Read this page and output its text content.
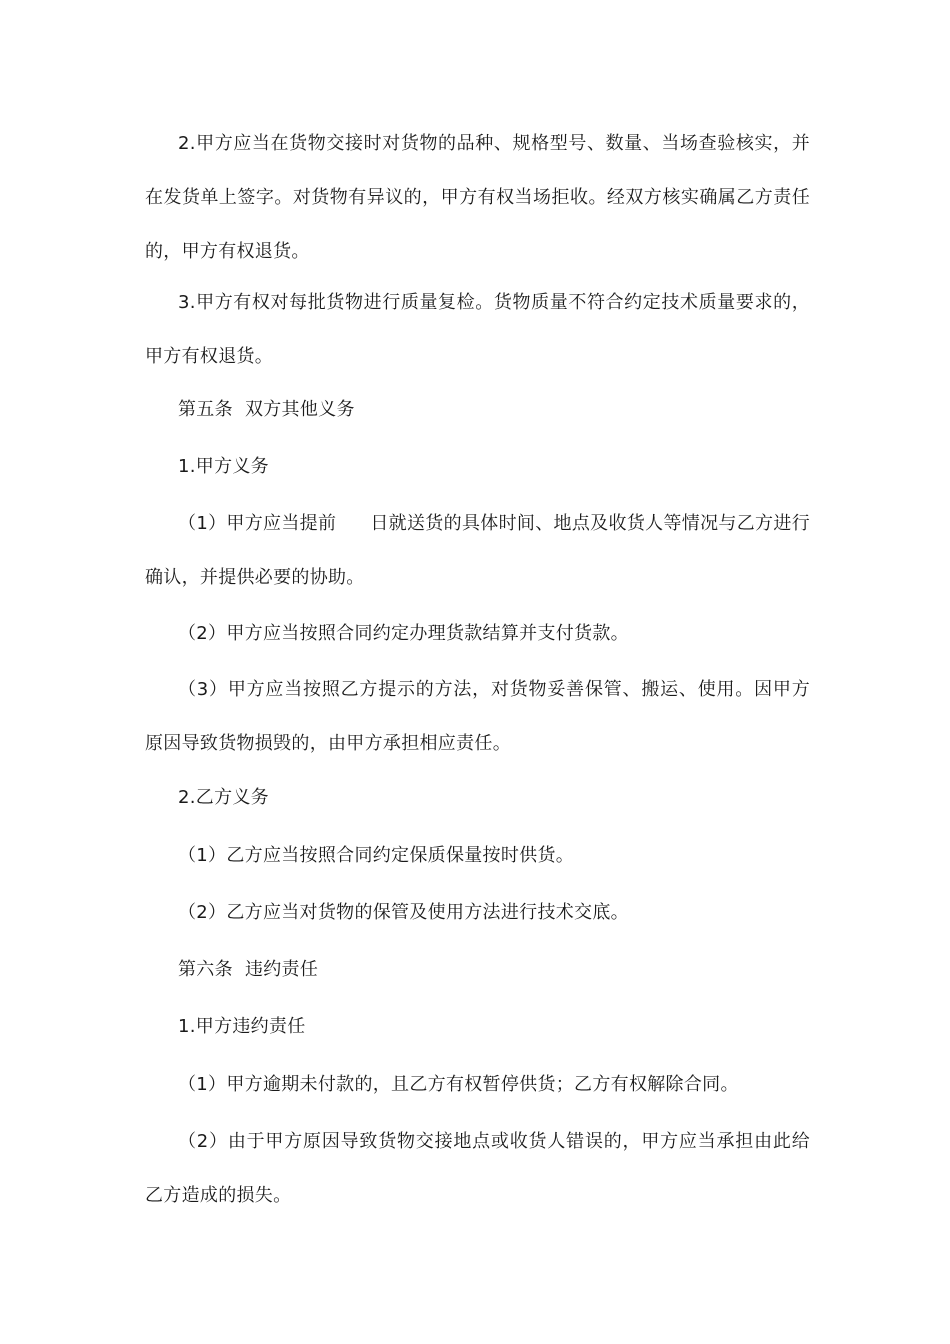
2.甲方应当在货物交接时对货物的品种、规格型号、数量、当场查验核实，并在发货单上签字。对货物有异议的，甲方有权当场拒收。经双方核实确属乙方责任的，甲方有权退货。

3.甲方有权对每批货物进行质量复检。货物质量不符合约定技术质量要求的，甲方有权退货。

第五条  双方其他义务

1.甲方义务

（1）甲方应当提前 日就送货的具体时间、地点及收货人等情况与乙方进行确认，并提供必要的协助。

（2）甲方应当按照合同约定办理货款结算并支付货款。

（3）甲方应当按照乙方提示的方法，对货物妥善保管、搬运、使用。因甲方原因导致货物损毁的，由甲方承担相应责任。

2.乙方义务

（1）乙方应当按照合同约定保质保量按时供货。

（2）乙方应当对货物的保管及使用方法进行技术交底。

第六条  违约责任

1.甲方违约责任

（1）甲方逾期未付款的，且乙方有权暂停供货；乙方有权解除合同。

（2）由于甲方原因导致货物交接地点或收货人错误的，甲方应当承担由此给乙方造成的损失。
